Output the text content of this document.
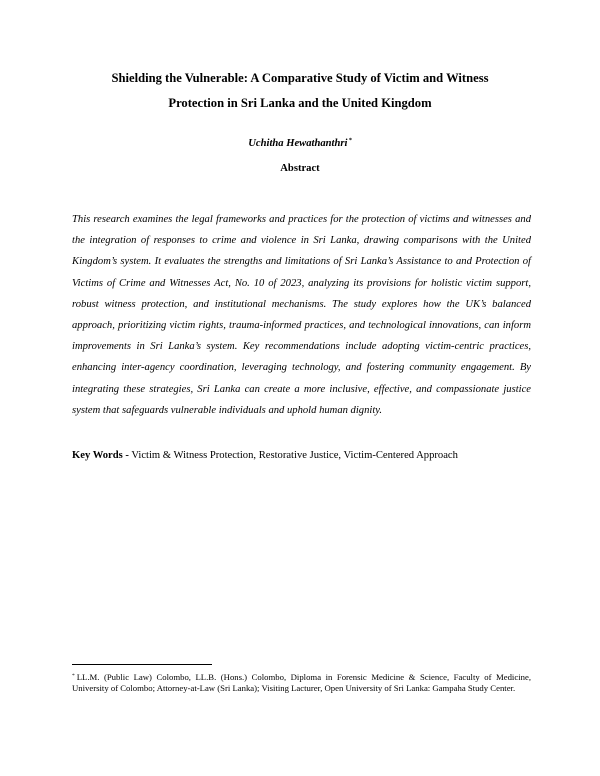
Shielding the Vulnerable: A Comparative Study of Victim and Witness
Protection in Sri Lanka and the United Kingdom
Uchitha Hewathanthri*
Abstract

This research examines the legal frameworks and practices for the protection of victims and witnesses and the integration of responses to crime and violence in Sri Lanka, drawing comparisons with the United Kingdom’s system. It evaluates the strengths and limitations of Sri Lanka’s Assistance to and Protection of Victims of Crime and Witnesses Act, No. 10 of 2023, analyzing its provisions for holistic victim support, robust witness protection, and institutional mechanisms. The study explores how the UK’s balanced approach, prioritizing victim rights, trauma-informed practices, and technological innovations, can inform improvements in Sri Lanka’s system. Key recommendations include adopting victim-centric practices, enhancing inter-agency coordination, leveraging technology, and fostering community engagement. By integrating these strategies, Sri Lanka can create a more inclusive, effective, and compassionate justice system that safeguards vulnerable individuals and uphold human dignity.

Key Words - Victim & Witness Protection, Restorative Justice, Victim-Centered Approach

* LL.M. (Public Law) Colombo, LL.B. (Hons.) Colombo, Diploma in Forensic Medicine & Science, Faculty of Medicine, University of Colombo; Attorney-at-Law (Sri Lanka); Visiting Lacturer, Open University of Sri Lanka: Gampaha Study Center.
